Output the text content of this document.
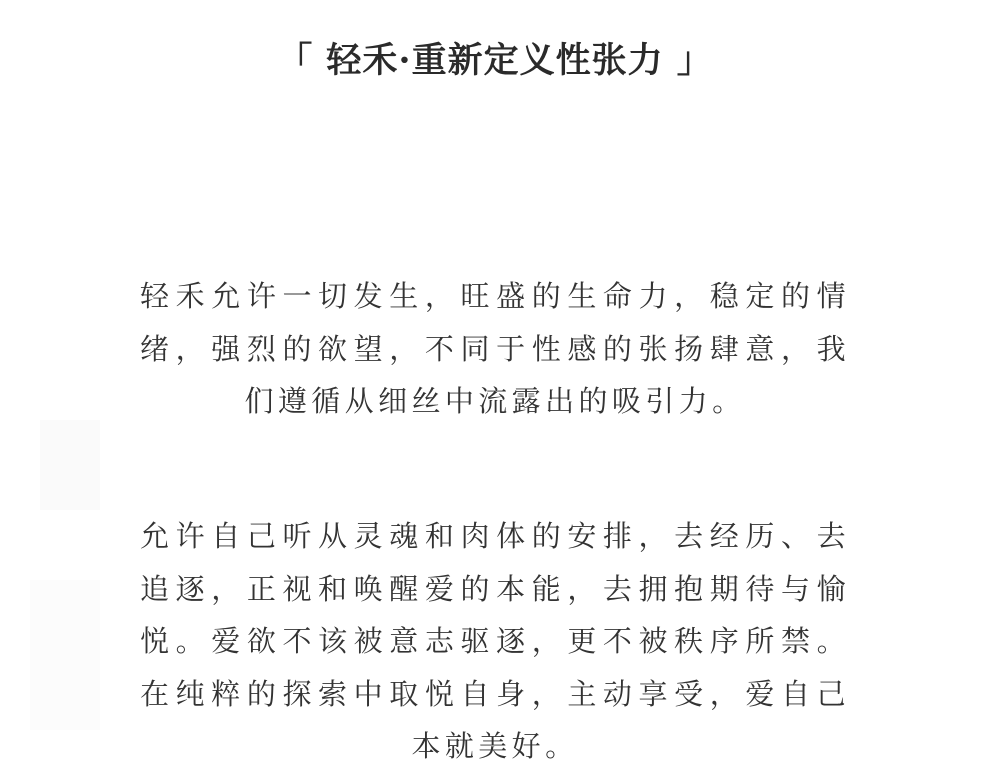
「 轻禾·重新定义性张力 」
轻禾允许一切发生，旺盛的生命力，稳定的情
绪，强烈的欲望，不同于性感的张扬肆意，我
们遵循从细丝中流露出的吸引力。
允许自己听从灵魂和肉体的安排，去经历、去
追逐，正视和唤醒爱的本能，去拥抱期待与愉
悦。爱欲不该被意志驱逐，更不被秩序所禁。
在纯粹的探索中取悦自身，主动享受，爱自己
本就美好。
